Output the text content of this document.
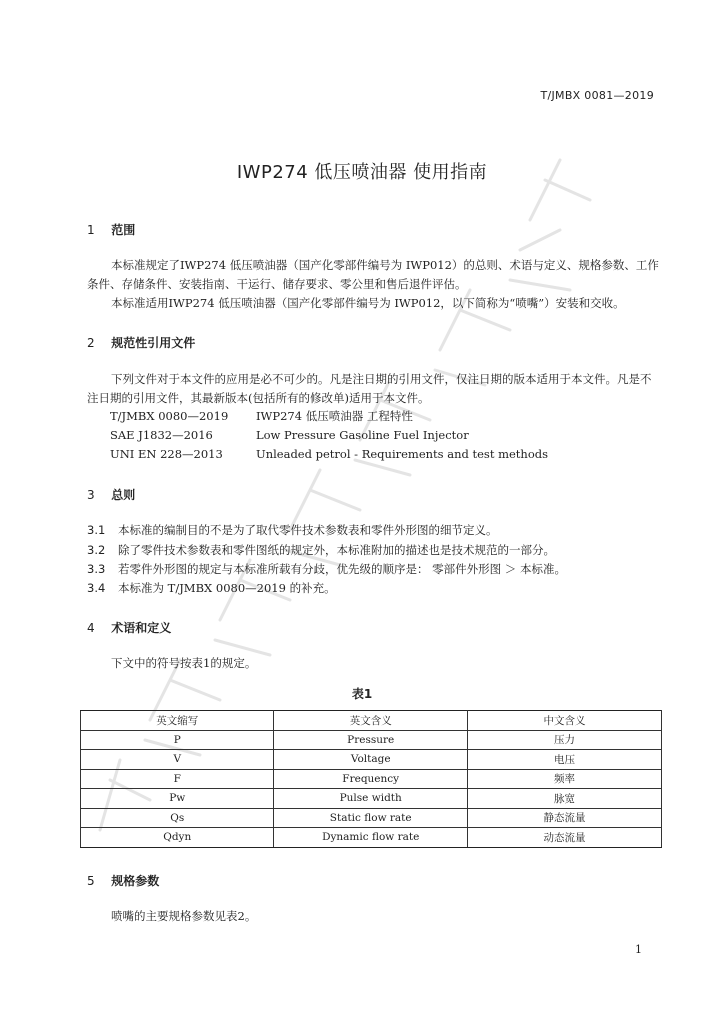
T/JMBX 0081—2019
IWP274 低压喷油器 使用指南
1 范围
本标准规定了IWP274 低压喷油器（国产化零部件编号为 IWP012）的总则、术语与定义、规格参数、工作条件、存储条件、安装指南、干运行、储存要求、零公里和售后退件评估。
本标准适用IWP274 低压喷油器（国产化零部件编号为 IWP012，以下简称为“喷嘴”）安装和交收。
2 规范性引用文件
下列文件对于本文件的应用是必不可少的。凡是注日期的引用文件，仅注日期的版本适用于本文件。凡是不注日期的引用文件，其最新版本(包括所有的修改单)适用于本文件。
T/JMBX 0080—2019 IWP274 低压喷油器 工程特性
SAE J1832—2016	Low Pressure Gasoline Fuel Injector
UNI EN 228—2013	Unleaded petrol - Requirements and test methods
3 总则
3.1 本标准的编制目的不是为了取代零件技术参数表和零件外形图的细节定义。
3.2 除了零件技术参数表和零件图纸的规定外，本标准附加的描述也是技术规范的一部分。
3.3 若零件外形图的规定与本标准所载有分歧，优先级的顺序是： 零部件外形图 ＞ 本标准。
3.4 本标准为 T/JMBX 0080—2019 的补充。
4 术语和定义
下文中的符号按表1的规定。
表1
英文缩写	英文含义	中文含义
P	Pressure	压力
V	Voltage	电压
F	Frequency	频率
Pw	Pulse width	脉宽
Qs	Static flow rate	静态流量
Qdyn	Dynamic flow rate	动态流量
5 规格参数
喷嘴的主要规格参数见表2。
1
